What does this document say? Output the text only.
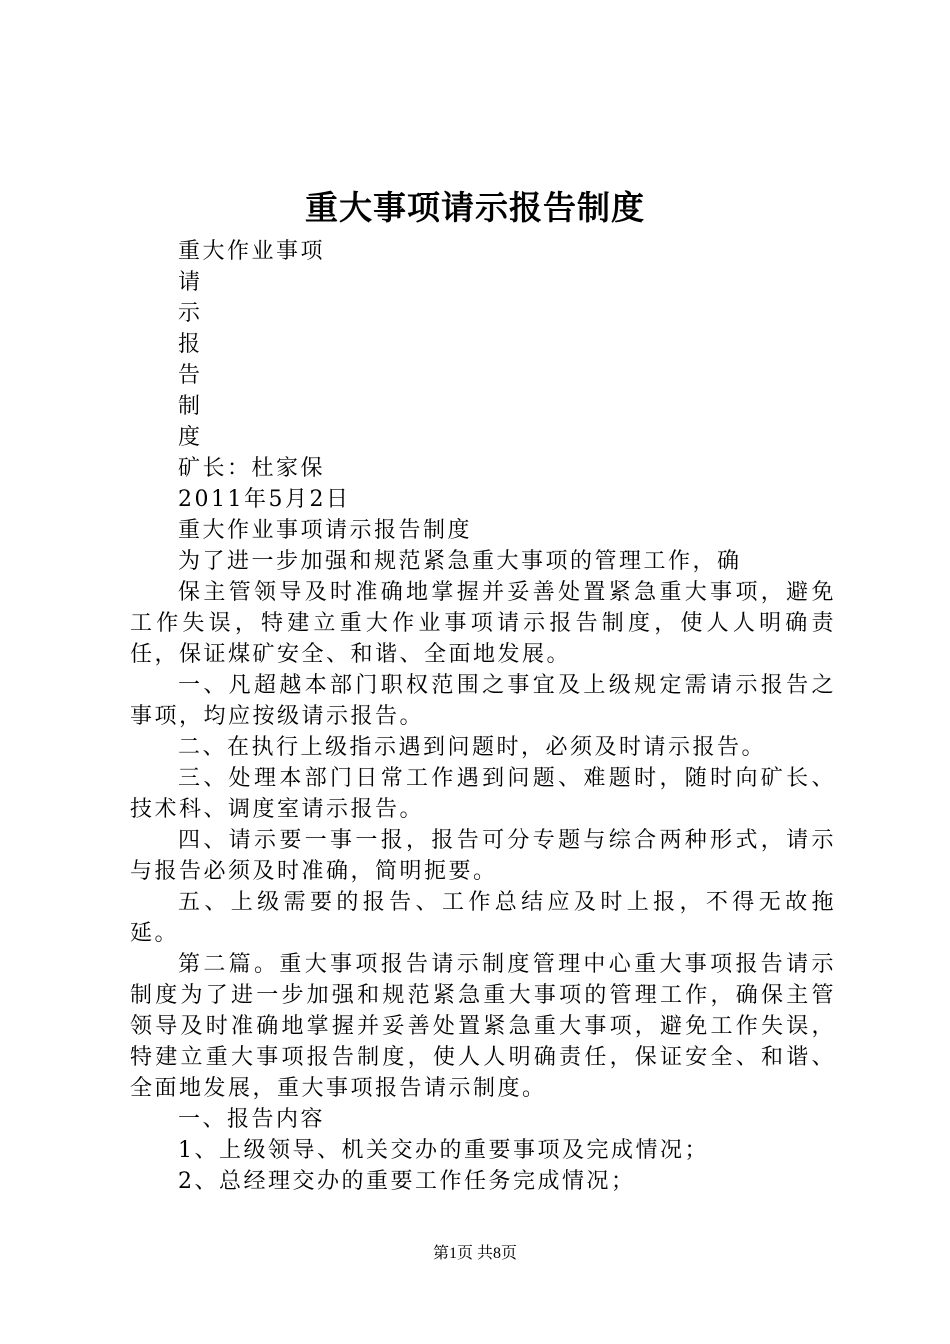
重大事项请示报告制度
重大作业事项
请
示
报
告
制
度
矿长：杜家保
2011年5月2日
重大作业事项请示报告制度
为了进一步加强和规范紧急重大事项的管理工作，确
保主管领导及时准确地掌握并妥善处置紧急重大事项，避免工作失误，特建立重大作业事项请示报告制度，使人人明确责任，保证煤矿安全、和谐、全面地发展。
一、凡超越本部门职权范围之事宜及上级规定需请示报告之事项，均应按级请示报告。
二、在执行上级指示遇到问题时，必须及时请示报告。
三、处理本部门日常工作遇到问题、难题时，随时向矿长、技术科、调度室请示报告。
四、请示要一事一报，报告可分专题与综合两种形式，请示与报告必须及时准确，简明扼要。
五、上级需要的报告、工作总结应及时上报，不得无故拖延。
第二篇。重大事项报告请示制度管理中心重大事项报告请示制度为了进一步加强和规范紧急重大事项的管理工作，确保主管领导及时准确地掌握并妥善处置紧急重大事项，避免工作失误，特建立重大事项报告制度，使人人明确责任，保证安全、和谐、全面地发展，重大事项报告请示制度。
一、报告内容
1、上级领导、机关交办的重要事项及完成情况；
2、总经理交办的重要工作任务完成情况；
第1页 共8页
